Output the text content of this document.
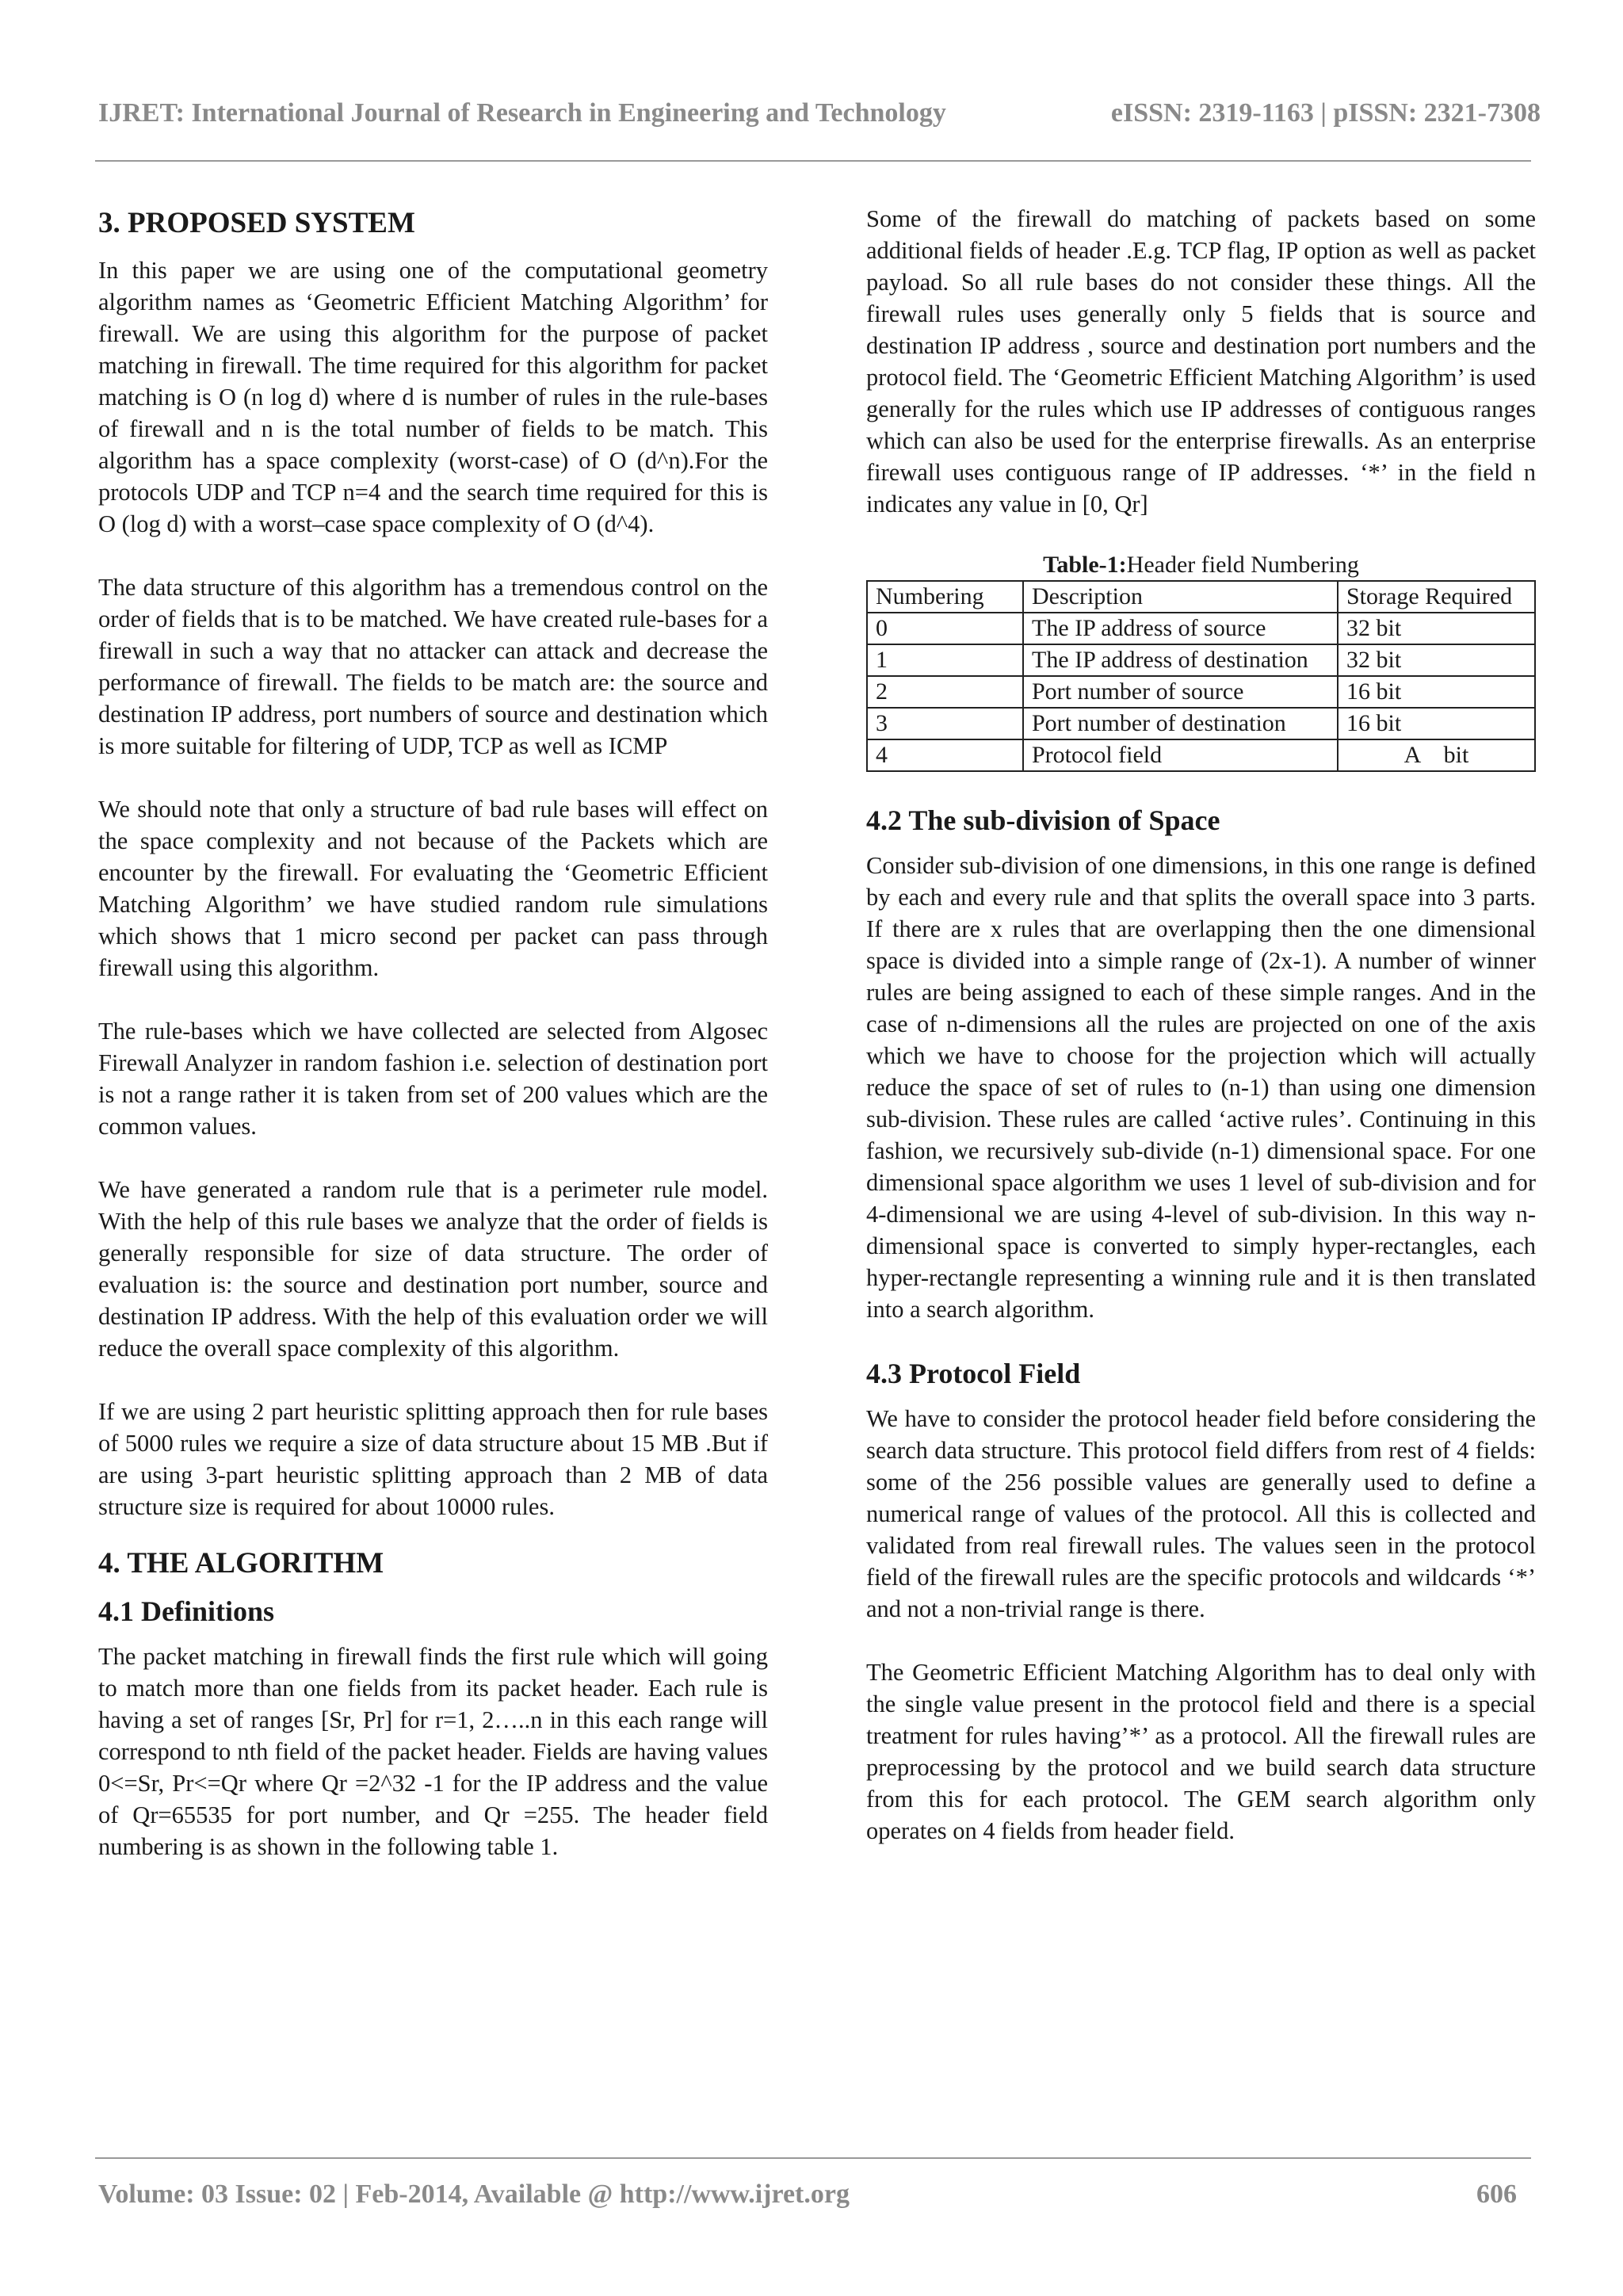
IJRET: International Journal of Research in Engineering and Technology	eISSN: 2319-1163 | pISSN: 2321-7308
3. PROPOSED SYSTEM

In this paper we are using one of the computational geometry algorithm names as ‘Geometric Efficient Matching Algorithm’ for firewall. We are using this algorithm for the purpose of packet matching in firewall. The time required for this algorithm for packet matching is O (n log d) where d is number of rules in the rule-bases of firewall and n is the total number of fields to be match. This algorithm has a space complexity (worst-case) of O (d^n).For the protocols UDP and TCP n=4 and the search time required for this is O (log d) with a worst–case space complexity of O (d^4).

The data structure of this algorithm has a tremendous control on the order of fields that is to be matched. We have created rule-bases for a firewall in such a way that no attacker can attack and decrease the performance of firewall. The fields to be match are: the source and destination IP address, port numbers of source and destination which is more suitable for filtering of UDP, TCP as well as ICMP

We should note that only a structure of bad rule bases will effect on the space complexity and not because of the Packets which are encounter by the firewall. For evaluating the ‘Geometric Efficient Matching Algorithm’ we have studied random rule simulations which shows that 1 micro second per packet can pass through firewall using this algorithm.

The rule-bases which we have collected are selected from Algosec Firewall Analyzer in random fashion i.e. selection of destination port is not a range rather it is taken from set of 200 values which are the common values.

We have generated a random rule that is a perimeter rule model. With the help of this rule bases we analyze that the order of fields is generally responsible for size of data structure. The order of evaluation is: the source and destination port number, source and destination IP address. With the help of this evaluation order we will reduce the overall space complexity of this algorithm.

If we are using 2 part heuristic splitting approach then for rule bases of 5000 rules we require a size of data structure about 15 MB .But if are using 3-part heuristic splitting approach than 2 MB of data structure size is required for about 10000 rules.

4. THE ALGORITHM
4.1 Definitions

The packet matching in firewall finds the first rule which will going to match more than one fields from its packet header. Each rule is having a set of ranges [Sr, Pr] for r=1, 2…..n in this each range will correspond to nth field of the packet header. Fields are having values 0<=Sr, Pr<=Qr where Qr =2^32 -1 for the IP address and the value of Qr=65535 for port number, and Qr =255. The header field numbering is as shown in the following table 1.

Some of the firewall do matching of packets based on some additional fields of header .E.g. TCP flag, IP option as well as packet payload. So all rule bases do not consider these things. All the firewall rules uses generally only 5 fields that is source and destination IP address , source and destination port numbers and the protocol field. The ‘Geometric Efficient Matching Algorithm’ is used generally for the rules which use IP addresses of contiguous ranges which can also be used for the enterprise firewalls. As an enterprise firewall uses contiguous range of IP addresses. ‘*’ in the field n indicates any value in [0, Qr]

Table-1:Header field Numbering
Numbering	Description	Storage Required
0	The IP address of source	32 bit
1	The IP address of destination	32 bit
2	Port number of source	16 bit
3	Port number of destination	16 bit
4	Protocol field	A    bit
4.2 The sub-division of Space

Consider sub-division of one dimensions, in this one range is defined by each and every rule and that splits the overall space into 3 parts. If there are x rules that are overlapping then the one dimensional space is divided into a simple range of (2x-1). A number of winner rules are being assigned to each of these simple ranges. And in the case of n-dimensions all the rules are projected on one of the axis which we have to choose for the projection which will actually reduce the space of set of rules to (n-1) than using one dimension sub-division. These rules are called ‘active rules’. Continuing in this fashion, we recursively sub-divide (n-1) dimensional space. For one dimensional space algorithm we uses 1 level of sub-division and for 4-dimensional we are using 4-level of sub-division. In this way n-dimensional space is converted to simply hyper-rectangles, each hyper-rectangle representing a winning rule and it is then translated into a search algorithm.

4.3 Protocol Field

We have to consider the protocol header field before considering the search data structure. This protocol field differs from rest of 4 fields: some of the 256 possible values are generally used to define a numerical range of values of the protocol. All this is collected and validated from real firewall rules. The values seen in the protocol field of the firewall rules are the specific protocols and wildcards ‘*’ and not a non-trivial range is there.

The Geometric Efficient Matching Algorithm has to deal only with the single value present in the protocol field and there is a special treatment for rules having’*’ as a protocol. All the firewall rules are preprocessing by the protocol and we build search data structure from this for each protocol. The GEM search algorithm only operates on 4 fields from header field.

Volume: 03 Issue: 02 | Feb-2014, Available @ http://www.ijret.org	606
